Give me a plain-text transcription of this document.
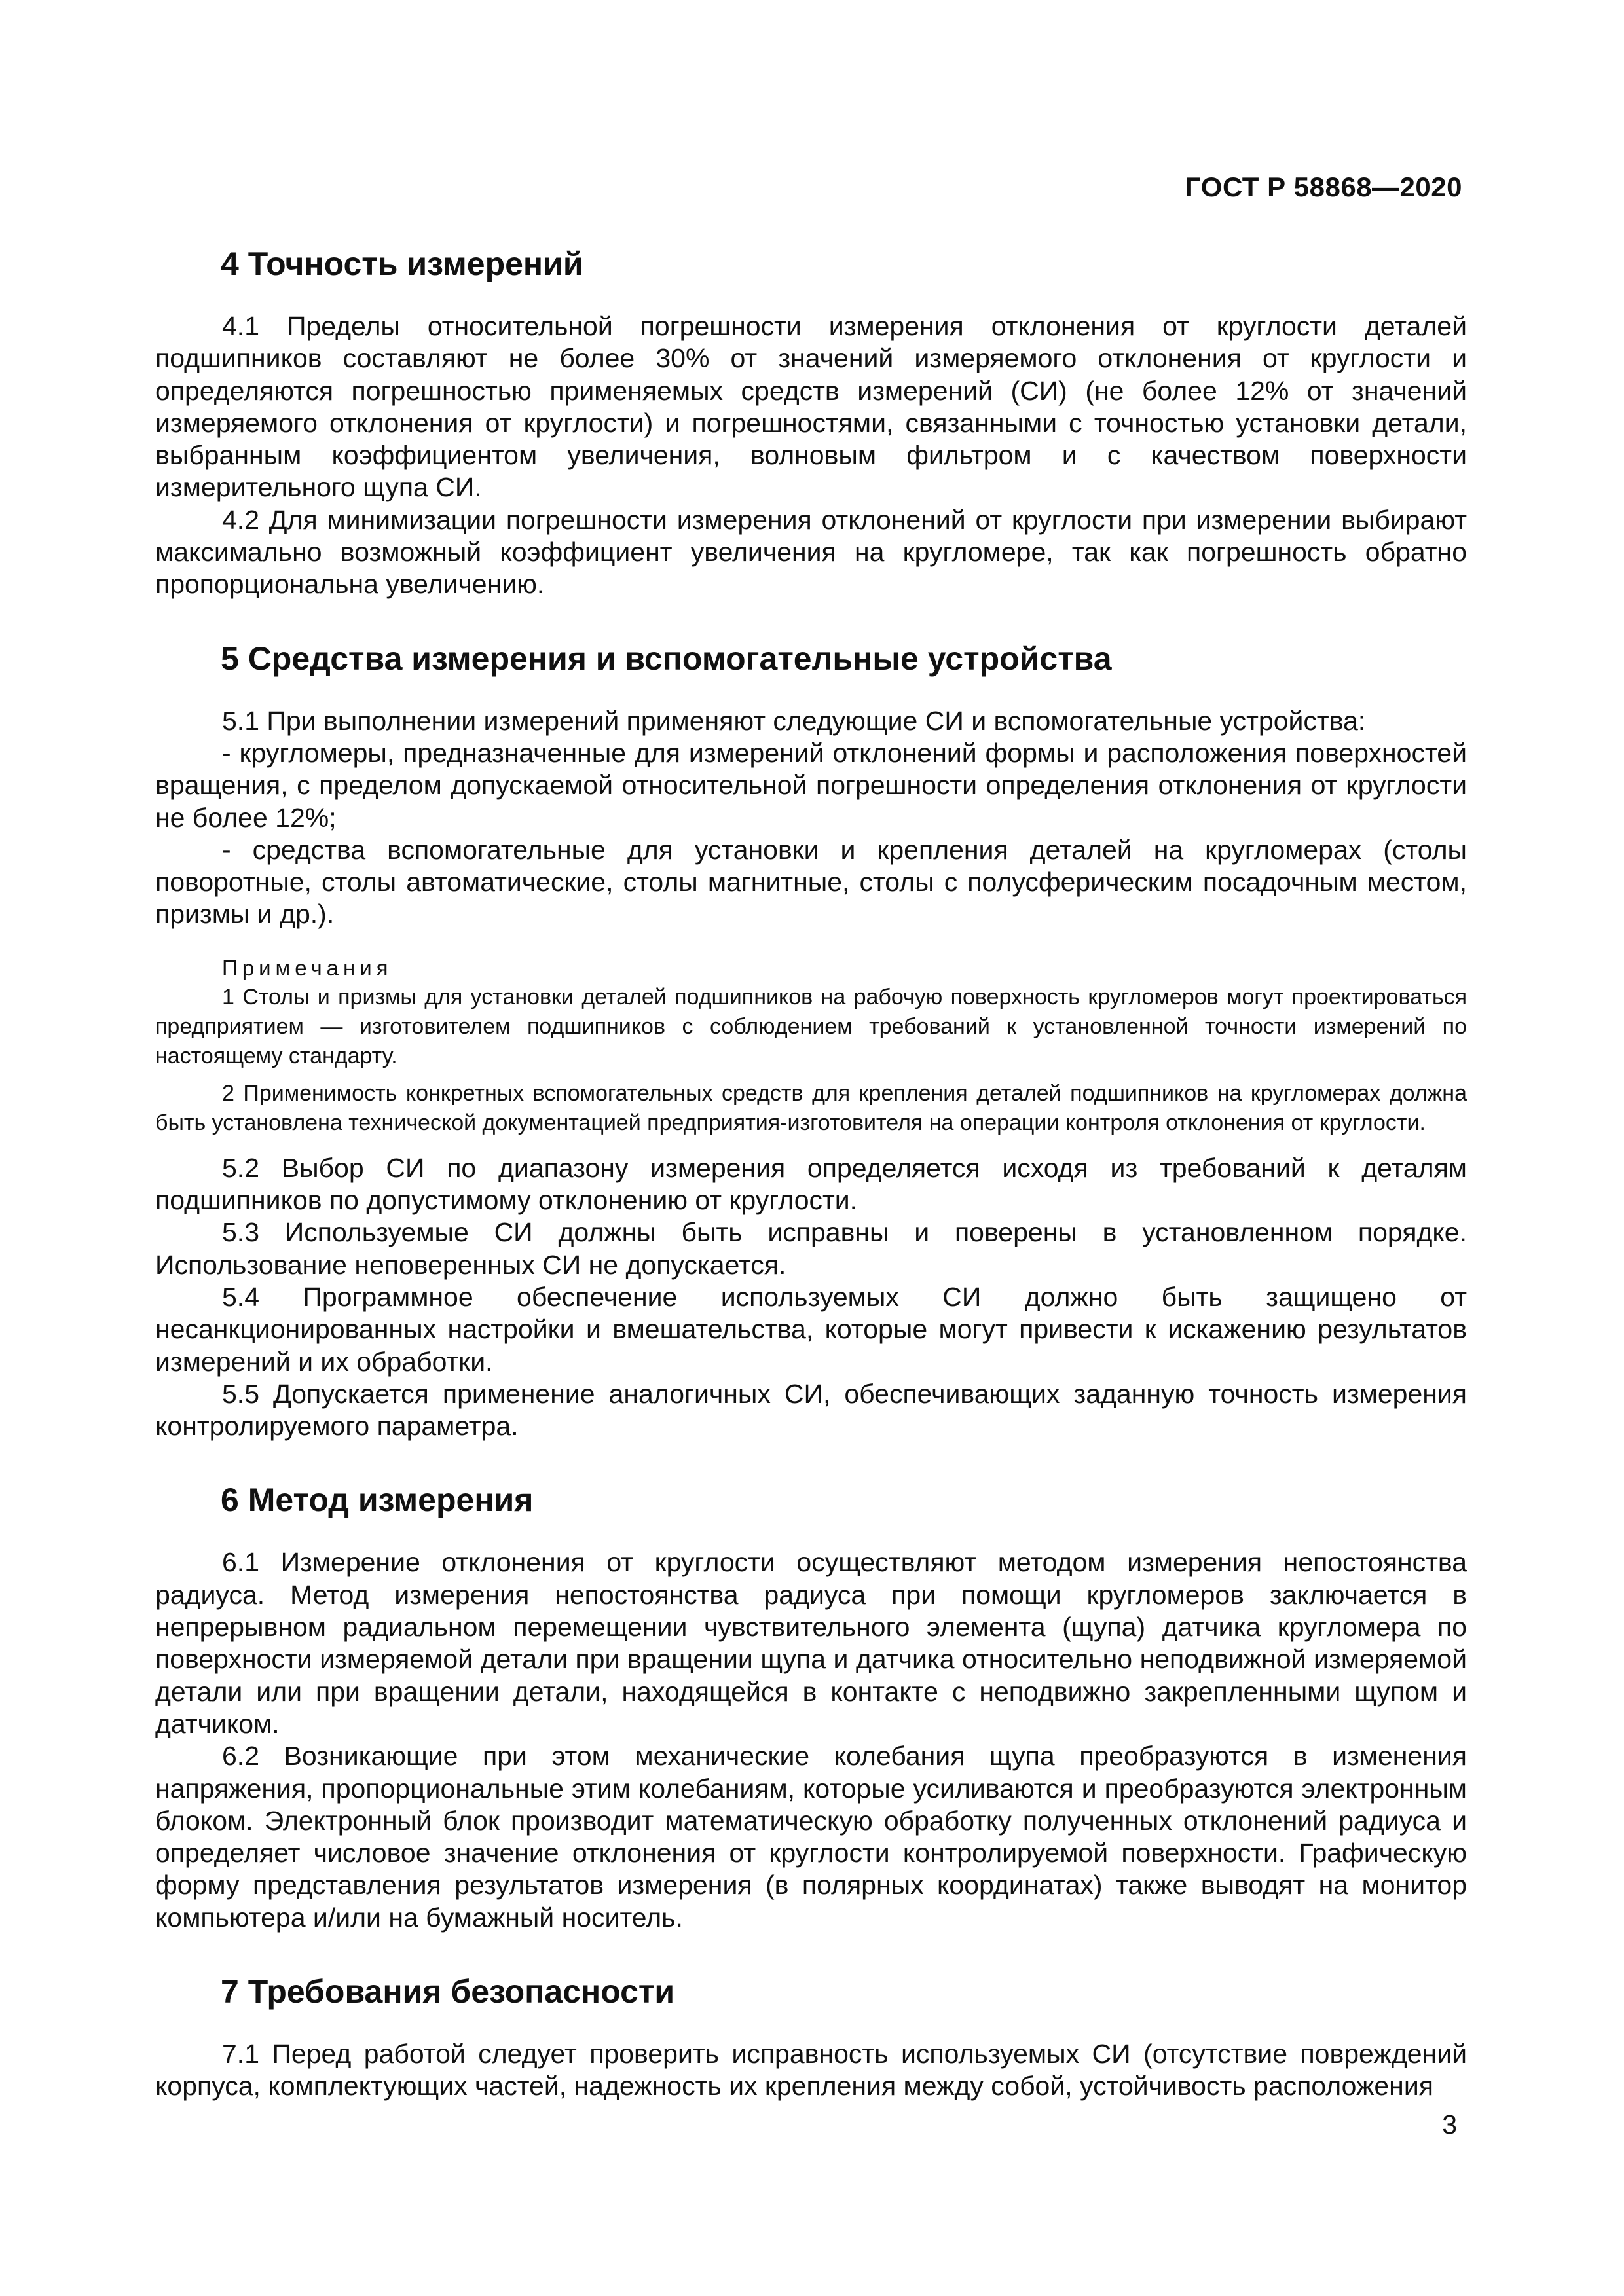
ГОСТ Р 58868—2020
4 Точность измерений

4.1 Пределы относительной погрешности измерения отклонения от круглости деталей подшипников составляют не более 30% от значений измеряемого отклонения от круглости и определяются погрешностью применяемых средств измерений (СИ) (не более 12% от значений измеряемого отклонения от круглости) и погрешностями, связанными с точностью установки детали, выбранным коэффициентом увеличения, волновым фильтром и с качеством поверхности измерительного щупа СИ.

4.2 Для минимизации погрешности измерения отклонений от круглости при измерении выбирают максимально возможный коэффициент увеличения на кругломере, так как погрешность обратно пропорциональна увеличению.

5 Средства измерения и вспомогательные устройства

5.1 При выполнении измерений применяют следующие СИ и вспомогательные устройства:

- кругломеры, предназначенные для измерений отклонений формы и расположения поверхностей вращения, с пределом допускаемой относительной погрешности определения отклонения от круглости не более 12%;

- средства вспомогательные для установки и крепления деталей на кругломерах (столы поворотные, столы автоматические, столы магнитные, столы с полусферическим посадочным местом, призмы и др.).

Примечания

1 Столы и призмы для установки деталей подшипников на рабочую поверхность кругломеров могут проектироваться предприятием — изготовителем подшипников с соблюдением требований к установленной точности измерений по настоящему стандарту.

2 Применимость конкретных вспомогательных средств для крепления деталей подшипников на кругломерах должна быть установлена технической документацией предприятия-изготовителя на операции контроля отклонения от круглости.

5.2 Выбор СИ по диапазону измерения определяется исходя из требований к деталям подшипников по допустимому отклонению от круглости.

5.3 Используемые СИ должны быть исправны и поверены в установленном порядке. Использование неповеренных СИ не допускается.

5.4 Программное обеспечение используемых СИ должно быть защищено от несанкционированных настройки и вмешательства, которые могут привести к искажению результатов измерений и их обработки.

5.5 Допускается применение аналогичных СИ, обеспечивающих заданную точность измерения контролируемого параметра.

6 Метод измерения

6.1 Измерение отклонения от круглости осуществляют методом измерения непостоянства радиуса. Метод измерения непостоянства радиуса при помощи кругломеров заключается в непрерывном радиальном перемещении чувствительного элемента (щупа) датчика кругломера по поверхности измеряемой детали при вращении щупа и датчика относительно неподвижной измеряемой детали или при вращении детали, находящейся в контакте с неподвижно закрепленными щупом и датчиком.

6.2 Возникающие при этом механические колебания щупа преобразуются в изменения напряжения, пропорциональные этим колебаниям, которые усиливаются и преобразуются электронным блоком. Электронный блок производит математическую обработку полученных отклонений радиуса и определяет числовое значение отклонения от круглости контролируемой поверхности. Графическую форму представления результатов измерения (в полярных координатах) также выводят на монитор компьютера и/или на бумажный носитель.

7 Требования безопасности

7.1 Перед работой следует проверить исправность используемых СИ (отсутствие повреждений корпуса, комплектующих частей, надежность их крепления между собой, устойчивость расположения

3
